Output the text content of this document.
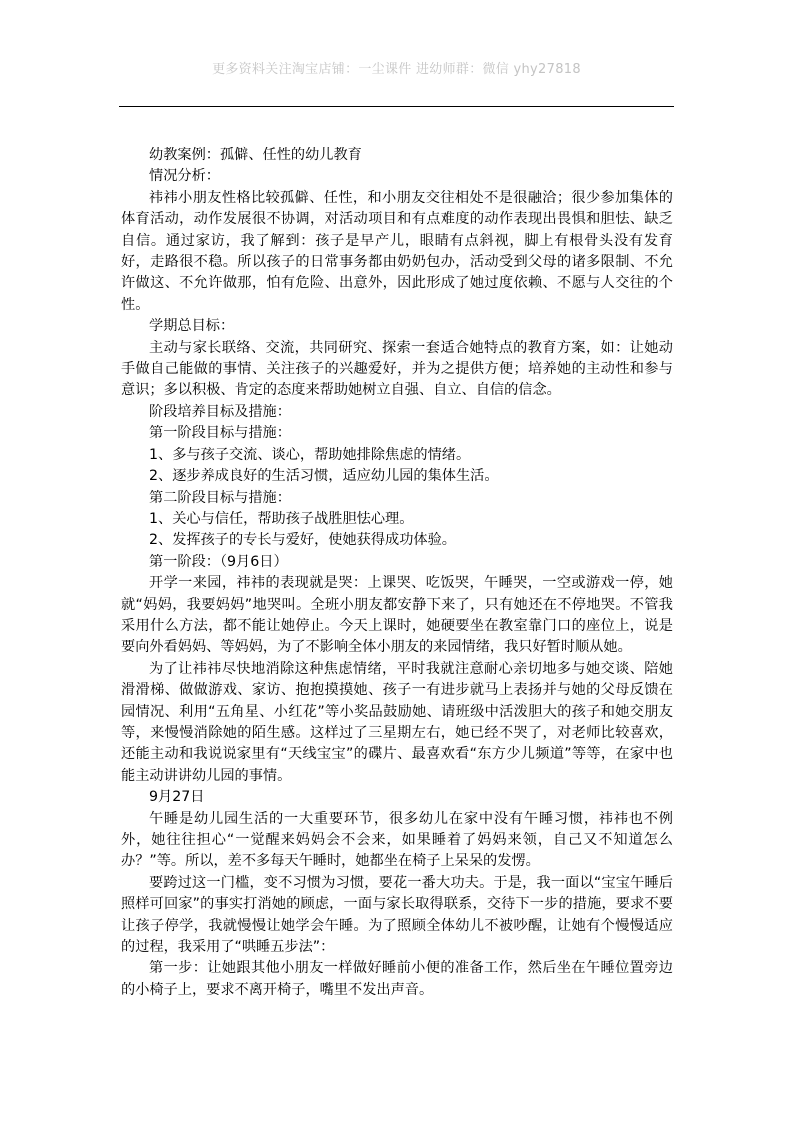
更多资料关注淘宝店铺：一尘课件 进幼师群：微信 yhy27818

幼教案例：孤僻、任性的幼儿教育

情况分析：

祎祎小朋友性格比较孤僻、任性，和小朋友交往相处不是很融洽；很少参加集体的体育活动，动作发展很不协调，对活动项目和有点难度的动作表现出畏惧和胆怯、缺乏自信。通过家访，我了解到：孩子是早产儿，眼睛有点斜视，脚上有根骨头没有发育好，走路很不稳。所以孩子的日常事务都由奶奶包办，活动受到父母的诸多限制、不允许做这、不允许做那，怕有危险、出意外，因此形成了她过度依赖、不愿与人交往的个性。

学期总目标：

主动与家长联络、交流，共同研究、探索一套适合她特点的教育方案，如：让她动手做自己能做的事情、关注孩子的兴趣爱好，并为之提供方便；培养她的主动性和参与意识；多以积极、肯定的态度来帮助她树立自强、自立、自信的信念。

阶段培养目标及措施：

第一阶段目标与措施：

1、多与孩子交流、谈心，帮助她排除焦虑的情绪。

2、逐步养成良好的生活习惯，适应幼儿园的集体生活。

第二阶段目标与措施：

1、关心与信任，帮助孩子战胜胆怯心理。

2、发挥孩子的专长与爱好，使她获得成功体验。

第一阶段：（9月6日）

开学一来园，祎祎的表现就是哭：上课哭、吃饭哭，午睡哭，一空或游戏一停，她就“妈妈，我要妈妈”地哭叫。全班小朋友都安静下来了，只有她还在不停地哭。不管我采用什么方法，都不能让她停止。今天上课时，她硬要坐在教室靠门口的座位上，说是要向外看妈妈、等妈妈，为了不影响全体小朋友的来园情绪，我只好暂时顺从她。

为了让祎祎尽快地消除这种焦虑情绪，平时我就注意耐心亲切地多与她交谈、陪她滑滑梯、做做游戏、家访、抱抱摸摸她、孩子一有进步就马上表扬并与她的父母反馈在园情况、利用“五角星、小红花”等小奖品鼓励她、请班级中活泼胆大的孩子和她交朋友等，来慢慢消除她的陌生感。这样过了三星期左右，她已经不哭了，对老师比较喜欢，还能主动和我说说家里有“天线宝宝”的碟片、最喜欢看“东方少儿频道”等等，在家中也能主动讲讲幼儿园的事情。

9月27日

午睡是幼儿园生活的一大重要环节，很多幼儿在家中没有午睡习惯，祎祎也不例外，她往往担心“一觉醒来妈妈会不会来，如果睡着了妈妈来领，自己又不知道怎么办？”等。所以，差不多每天午睡时，她都坐在椅子上呆呆的发愣。

要跨过这一门槛，变不习惯为习惯，要花一番大功夫。于是，我一面以“宝宝午睡后照样可回家”的事实打消她的顾虑，一面与家长取得联系，交待下一步的措施，要求不要让孩子停学，我就慢慢让她学会午睡。为了照顾全体幼儿不被吵醒，让她有个慢慢适应的过程，我采用了“哄睡五步法”：

第一步：让她跟其他小朋友一样做好睡前小便的准备工作，然后坐在午睡位置旁边的小椅子上，要求不离开椅子，嘴里不发出声音。
